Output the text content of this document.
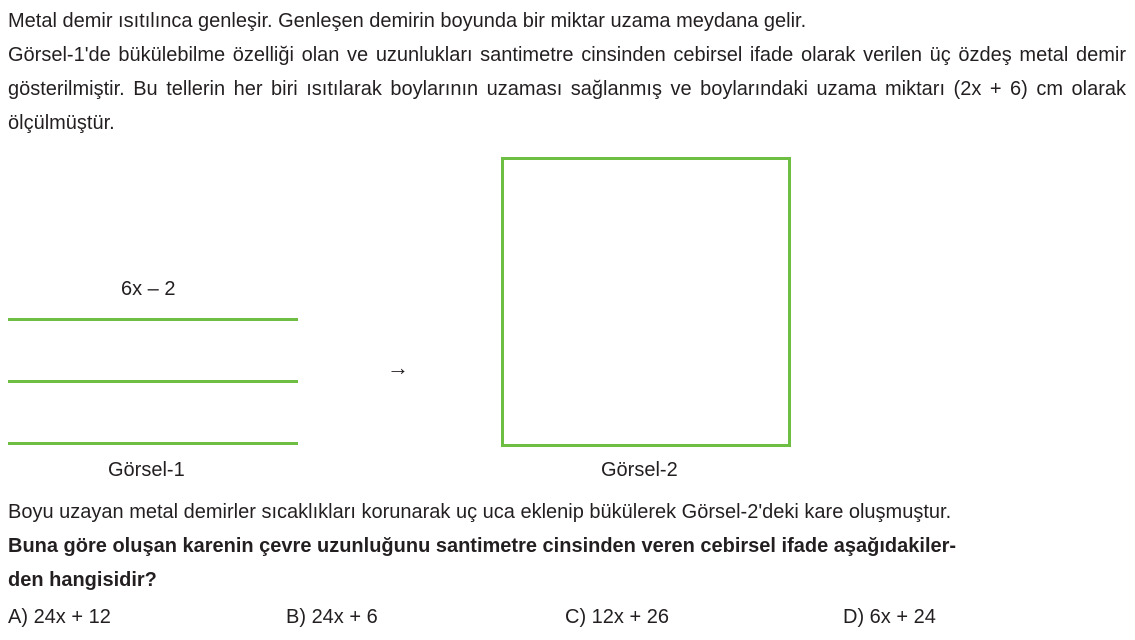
Metal demir ısıtılınca genleşir. Genleşen demirin boyunda bir miktar uzama meydana gelir.

Görsel-1'de bükülebilme özelliği olan ve uzunlukları santimetre cinsinden cebirsel ifade olarak verilen üç özdeş metal demir gösterilmiştir. Bu tellerin her biri ısıtılarak boylarının uzaması sağlanmış ve boylarındaki uzama miktarı (2x + 6) cm olarak ölçülmüştür.

6x – 2
Görsel-1
→
Görsel-2

Boyu uzayan metal demirler sıcaklıkları korunarak uç uca eklenip bükülerek Görsel-2'deki kare oluşmuştur.

Buna göre oluşan karenin çevre uzunluğunu santimetre cinsinden veren cebirsel ifade aşağıdakiler-

den hangisidir?

A) 24x + 12	B) 24x + 6	C) 12x + 26	D) 6x + 24
